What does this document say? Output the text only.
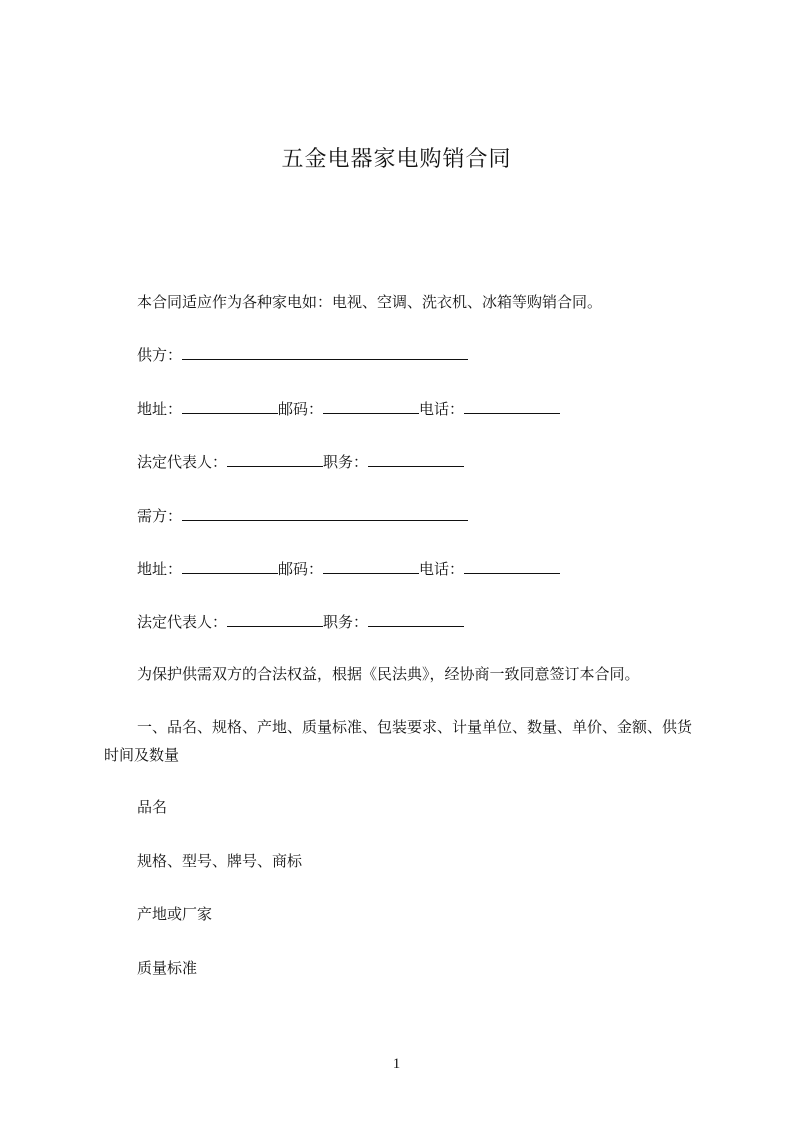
五金电器家电购销合同
本合同适应作为各种家电如：电视、空调、洗衣机、冰箱等购销合同。
供方：
地址：	邮码：	电话：
法定代表人：	职务：
需方：
地址：	邮码：	电话：
法定代表人：	职务：
为保护供需双方的合法权益，根据《民法典》，经协商一致同意签订本合同。
一、品名、规格、产地、质量标准、包装要求、计量单位、数量、单价、金额、供货时间及数量
品名
规格、型号、牌号、商标
产地或厂家
质量标准
1
